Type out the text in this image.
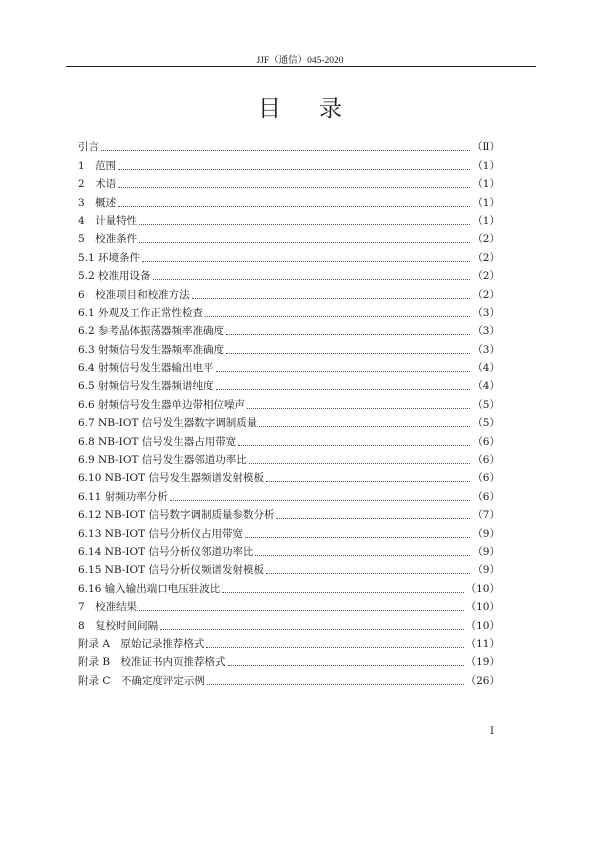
JJF（通信）045-2020
目录
引言	（Ⅱ）
1　范围	（1）
2　术语	（1）
3　概述	（1）
4　计量特性	（1）
5　校准条件	（2）
5.1 环境条件	（2）
5.2 校准用设备	（2）
6　校准项目和校准方法	（2）
6.1 外观及工作正常性检查	（3）
6.2 参考晶体振荡器频率准确度	（3）
6.3 射频信号发生器频率准确度	（3）
6.4 射频信号发生器输出电平	（4）
6.5 射频信号发生器频谱纯度	（4）
6.6 射频信号发生器单边带相位噪声	（5）
6.7 NB-IOT 信号发生器数字调制质量	（5）
6.8 NB-IOT 信号发生器占用带宽	（6）
6.9 NB-IOT 信号发生器邻道功率比	（6）
6.10 NB-IOT 信号发生器频谱发射模板	（6）
6.11 射频功率分析	（6）
6.12 NB-IOT 信号数字调制质量参数分析	（7）
6.13 NB-IOT 信号分析仪占用带宽	（9）
6.14 NB-IOT 信号分析仪邻道功率比	（9）
6.15 NB-IOT 信号分析仪频谱发射模板	（9）
6.16 输入输出端口电压驻波比	（10）
7　校准结果	（10）
8　复校时间间隔	（10）
附录 A　原始记录推荐格式	（11）
附录 B　校准证书内页推荐格式	（19）
附录 C　不确定度评定示例	（26）
I
